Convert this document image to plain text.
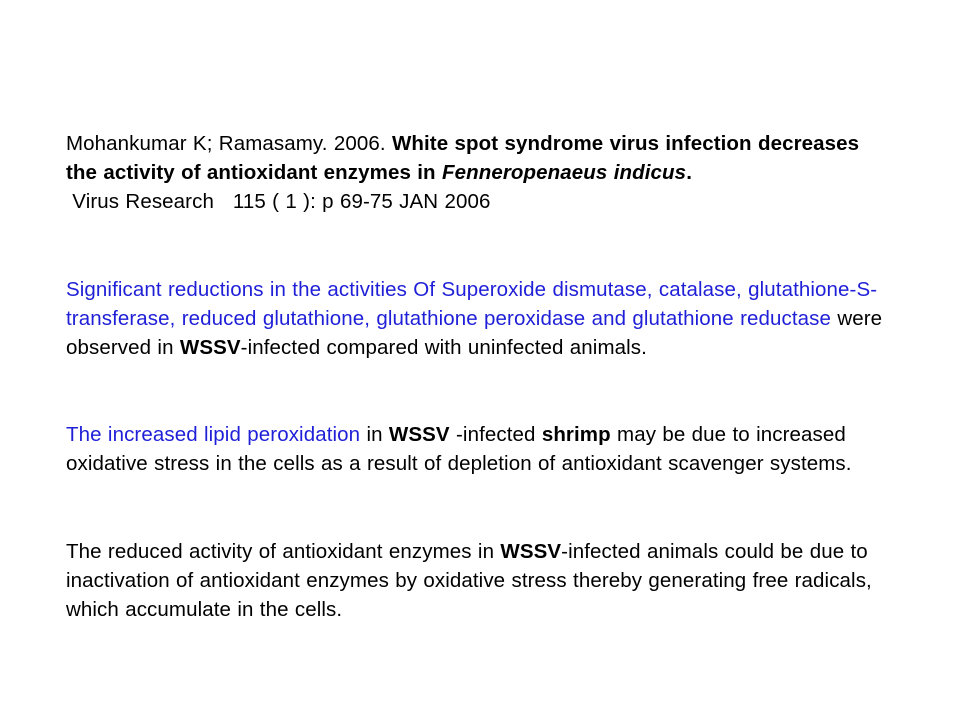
Mohankumar K; Ramasamy. 2006. White spot syndrome virus infection decreases the activity of antioxidant enzymes in Fenneropenaeus indicus. Virus Research   115 ( 1 ): p 69-75 JAN 2006
Significant reductions in the activities Of Superoxide dismutase, catalase, glutathione-S-transferase, reduced glutathione, glutathione peroxidase and glutathione reductase were observed in WSSV-infected compared with uninfected animals.
The increased lipid peroxidation in WSSV -infected shrimp may be due to increased oxidative stress in the cells as a result of depletion of antioxidant scavenger systems.
The reduced activity of antioxidant enzymes in WSSV-infected animals could be due to inactivation of antioxidant enzymes by oxidative stress thereby generating free radicals, which accumulate in the cells.
